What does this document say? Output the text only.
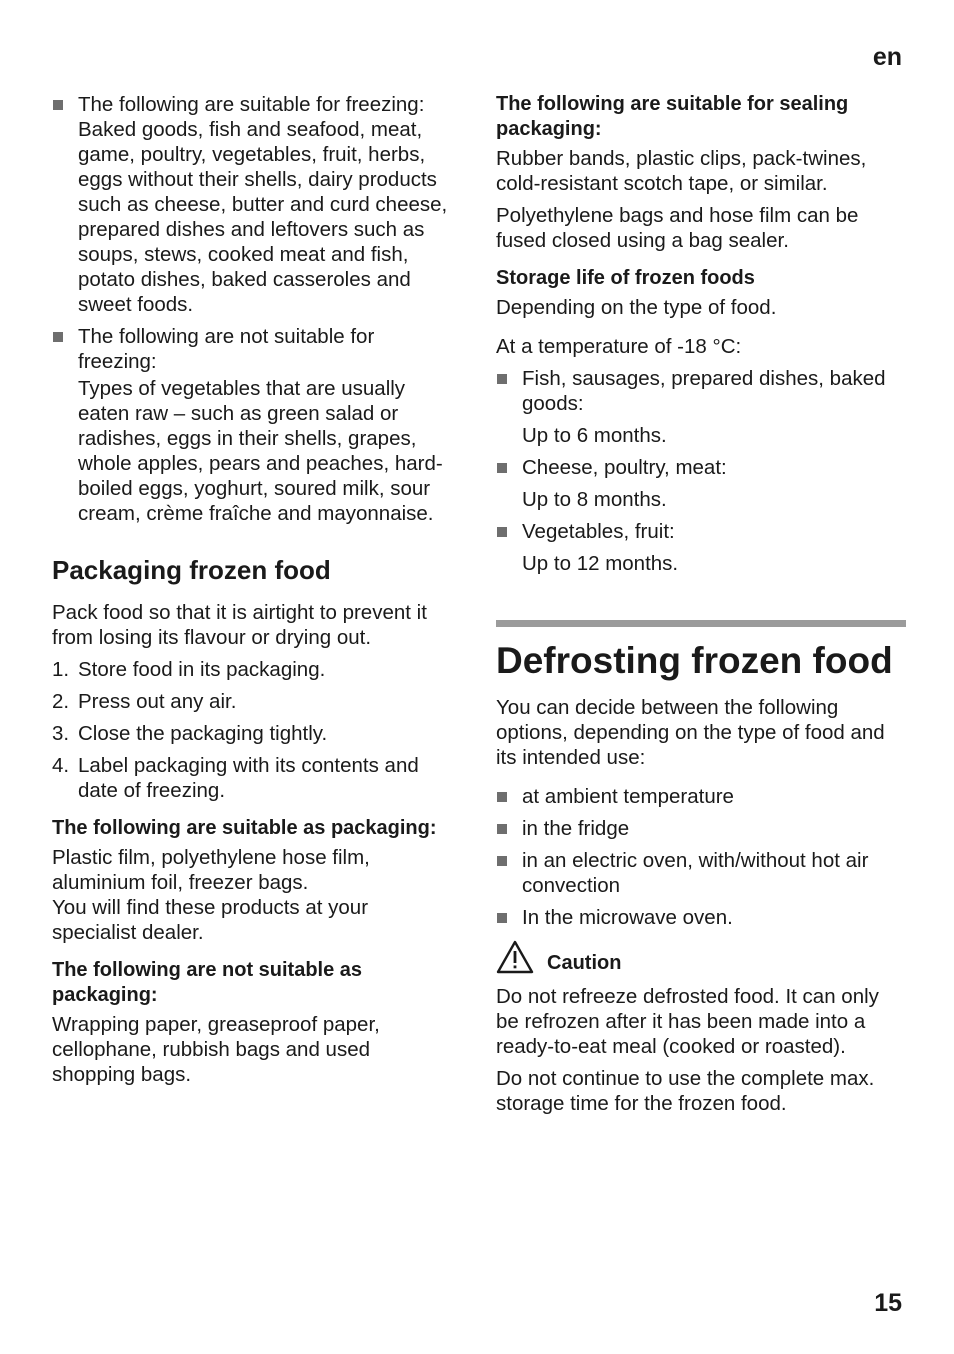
en
The following are suitable for freezing: Baked goods, fish and seafood, meat, game, poultry, vegetables, fruit, herbs, eggs without their shells, dairy products such as cheese, butter and curd cheese, prepared dishes and leftovers such as soups, stews, cooked meat and fish, potato dishes, baked casseroles and sweet foods.
The following are not suitable for freezing:

Types of vegetables that are usually eaten raw – such as green salad or radishes, eggs in their shells, grapes, whole apples, pears and peaches, hard-boiled eggs, yoghurt, soured milk, sour cream, crème fraîche and mayonnaise.

Packaging frozen food

Pack food so that it is airtight to prevent it from losing its flavour or drying out.

1. Store food in its packaging.
2. Press out any air.
3. Close the packaging tightly.
4. Label packaging with its contents and date of freezing.
The following are suitable as packaging:

Plastic film, polyethylene hose film, aluminium foil, freezer bags.
You will find these products at your specialist dealer.

The following are not suitable as packaging:

Wrapping paper, greaseproof paper, cellophane, rubbish bags and used shopping bags.

The following are suitable for sealing packaging:

Rubber bands, plastic clips, pack-twines, cold-resistant scotch tape, or similar.

Polyethylene bags and hose film can be fused closed using a bag sealer.

Storage life of frozen foods

Depending on the type of food.

At a temperature of -18 °C:

Fish, sausages, prepared dishes, baked goods:

Up to 6 months.

Cheese, poultry, meat:

Up to 8 months.

Vegetables, fruit:

Up to 12 months.

Defrosting frozen food

You can decide between the following options, depending on the type of food and its intended use:

at ambient temperature
in the fridge
in an electric oven, with/without hot air convection
In the microwave oven.
Caution

Do not refreeze defrosted food. It can only be refrozen after it has been made into a ready-to-eat meal (cooked or roasted).

Do not continue to use the complete max. storage time for the frozen food.

15
